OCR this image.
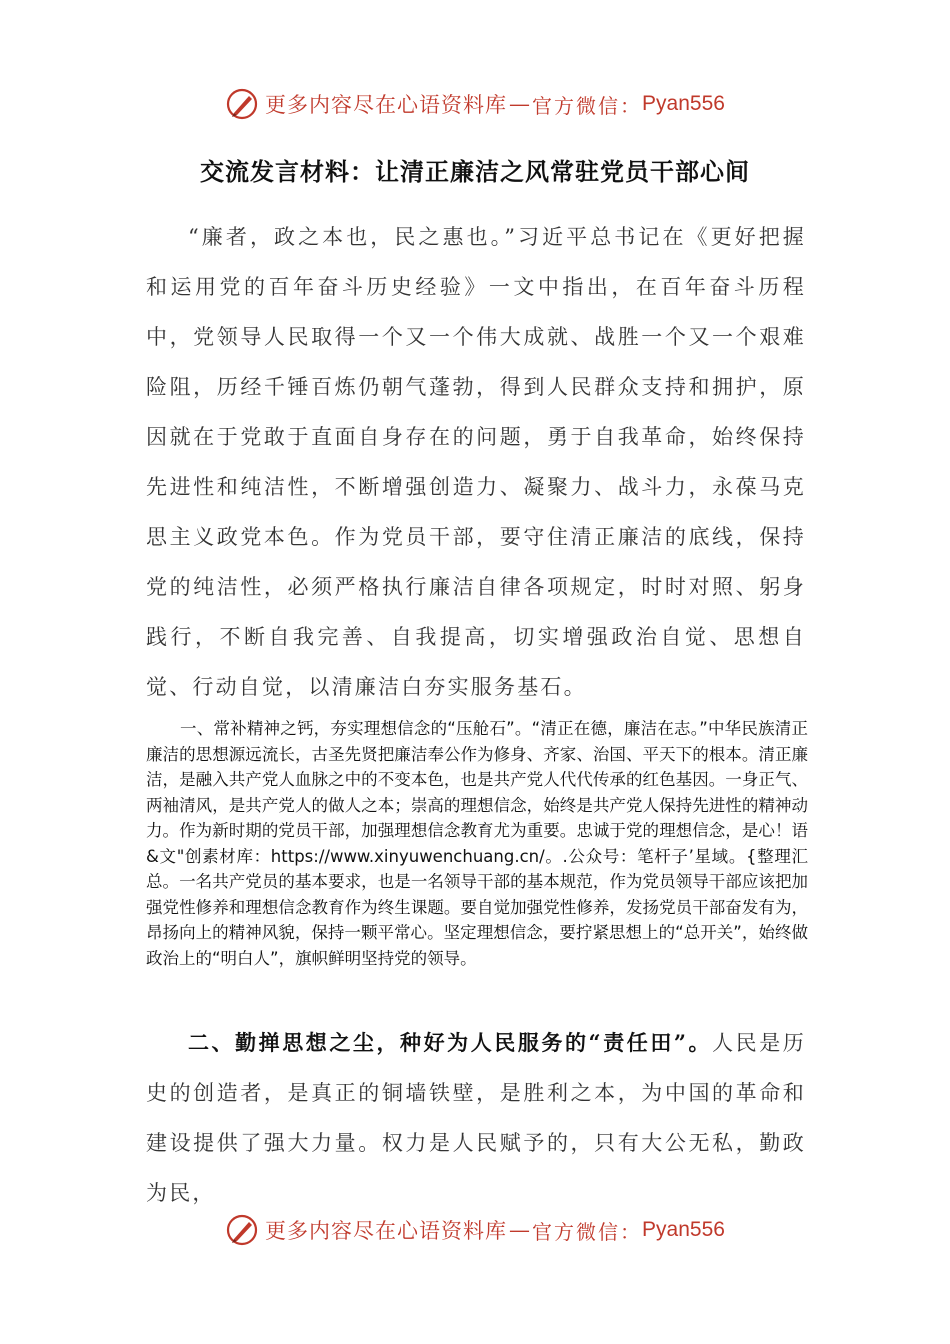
更多内容尽在心语资料库 — 官方微信： Pyan556
交流发言材料：让清正廉洁之风常驻党员干部心间
“廉者，政之本也，民之惠也。”习近平总书记在《更好把握和运用党的百年奋斗历史经验》一文中指出，在百年奋斗历程中，党领导人民取得一个又一个伟大成就、战胜一个又一个艰难险阻，历经千锤百炼仍朝气蓬勃，得到人民群众支持和拥护，原因就在于党敢于直面自身存在的问题，勇于自我革命，始终保持先进性和纯洁性，不断增强创造力、凝聚力、战斗力，永葆马克思主义政党本色。作为党员干部，要守住清正廉洁的底线，保持党的纯洁性，必须严格执行廉洁自律各项规定，时时对照、躬身践行，不断自我完善、自我提高，切实增强政治自觉、思想自觉、行动自觉，以清廉洁白夯实服务基石。
一、常补精神之钙，夯实理想信念的“压舱石”。“清正在德，廉洁在志。”中华民族清正廉洁的思想源远流长，古圣先贤把廉洁奉公作为修身、齐家、治国、平天下的根本。清正廉洁，是融入共产党人血脉之中的不变本色，也是共产党人代代传承的红色基因。一身正气、两袖清风，是共产党人的做人之本；崇高的理想信念，始终是共产党人保持先进性的精神动力。作为新时期的党员干部，加强理想信念教育尤为重要。忠诚于党的理想信念，是心！语&文"创素材库：https://www.xinyuwenchuang.cn/。.公众号：笔杆子’星域。{整理汇总。一名共产党员的基本要求，也是一名领导干部的基本规范，作为党员领导干部应该把加强党性修养和理想信念教育作为终生课题。要自觉加强党性修养，发扬党员干部奋发有为，昂扬向上的精神风貌，保持一颗平常心。坚定理想信念，要拧紧思想上的“总开关”，始终做政治上的“明白人”，旗帜鲜明坚持党的领导。
二、勤掸思想之尘，种好为人民服务的“责任田”。人民是历史的创造者，是真正的铜墙铁壁，是胜利之本，为中国的革命和建设提供了强大力量。权力是人民赋予的，只有大公无私，勤政为民，
更多内容尽在心语资料库 — 官方微信： Pyan556
